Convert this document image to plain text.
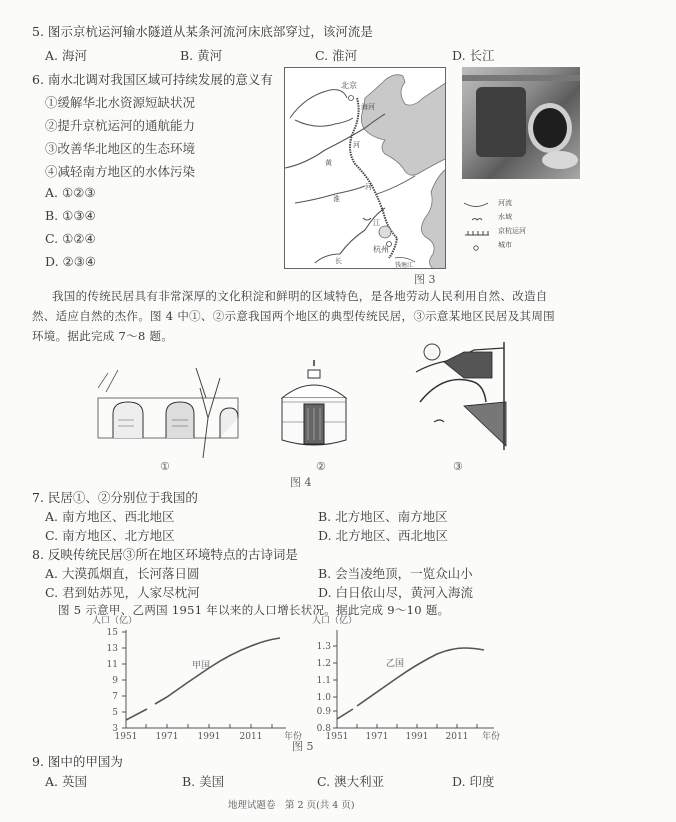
5. 图示京杭运河输水隧道从某条河流河床底部穿过，该河流是
A. 海河	B. 黄河	C. 淮河	D. 长江
6. 南水北调对我国区域可持续发展的意义有
①缓解华北水资源短缺状况
②提升京杭运河的通航能力
③改善华北地区的生态环境
④减轻南方地区的水体污染
A. ①②③
B. ①③④
C. ①②④
D. ②③④
北京
海河
黄
河
淮
河
江
长
杭州
钱塘江
河流
水域
京杭运河
城市
图 3
我国的传统民居具有非常深厚的文化积淀和鲜明的区域特色，是各地劳动人民利用自然、改造自
然、适应自然的杰作。图 4 中①、②示意我国两个地区的典型传统民居，③示意某地区民居及其周围
环境。据此完成 7～8 题。
①	②	③
图 4
7. 民居①、②分别位于我国的
A. 南方地区、西北地区	B. 北方地区、南方地区
C. 南方地区、北方地区	D. 北方地区、西北地区
8. 反映传统民居③所在地区环境特点的古诗词是
A. 大漠孤烟直，长河落日圆	B. 会当凌绝顶，一览众山小
C. 君到姑苏见，人家尽枕河	D. 白日依山尽，黄河入海流
图 5 示意甲、乙两国 1951 年以来的人口增长状况。据此完成 9～10 题。
人口（亿）
3
5
7
9
11
13
15
1951 1971 1991 2011 年份
甲国
人口（亿）
0.8
0.9
1.0
1.1
1.2
1.3
1951 1971 1991 2011 年份
乙国
图 5
9. 图中的甲国为
A. 英国	B. 美国	C. 澳大利亚	D. 印度
地理试题卷　第 2 页(共 4 页)
